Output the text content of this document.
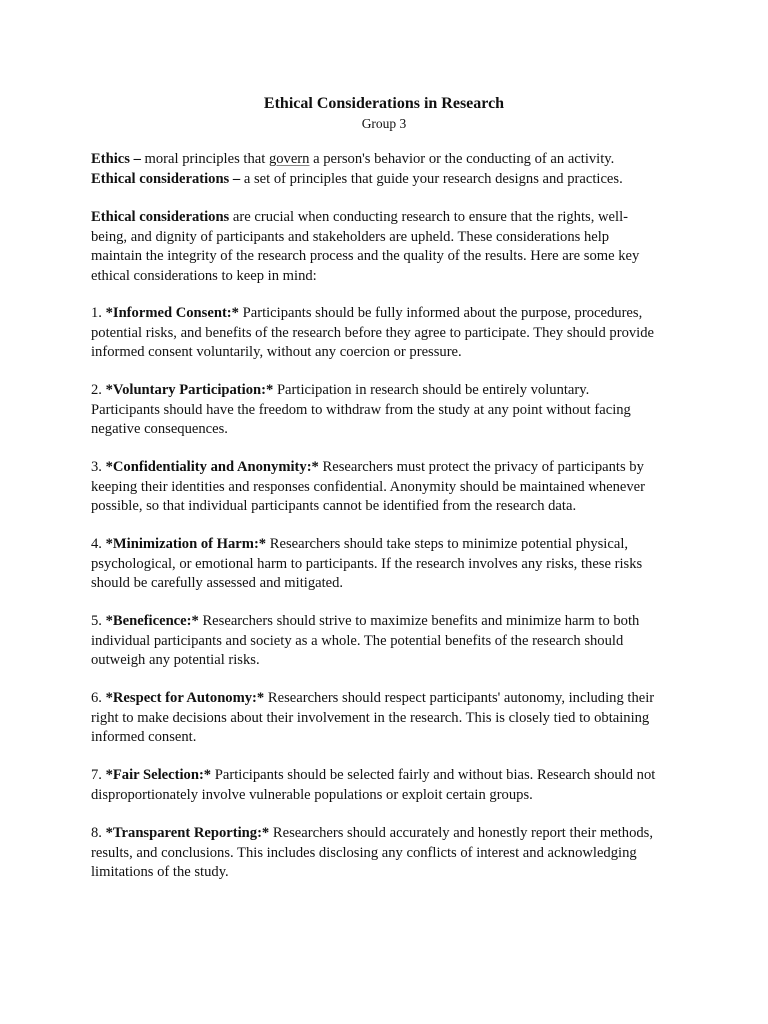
Ethical Considerations in Research
Group 3
Ethics – moral principles that govern a person's behavior or the conducting of an activity.
Ethical considerations – a set of principles that guide your research designs and practices.
Ethical considerations are crucial when conducting research to ensure that the rights, well-
being, and dignity of participants and stakeholders are upheld. These considerations help
maintain the integrity of the research process and the quality of the results. Here are some key
ethical considerations to keep in mind:
1. *Informed Consent:* Participants should be fully informed about the purpose, procedures,
potential risks, and benefits of the research before they agree to participate. They should provide
informed consent voluntarily, without any coercion or pressure.
2. *Voluntary Participation:* Participation in research should be entirely voluntary.
Participants should have the freedom to withdraw from the study at any point without facing
negative consequences.
3. *Confidentiality and Anonymity:* Researchers must protect the privacy of participants by
keeping their identities and responses confidential. Anonymity should be maintained whenever
possible, so that individual participants cannot be identified from the research data.
4. *Minimization of Harm:* Researchers should take steps to minimize potential physical,
psychological, or emotional harm to participants. If the research involves any risks, these risks
should be carefully assessed and mitigated.
5. *Beneficence:* Researchers should strive to maximize benefits and minimize harm to both
individual participants and society as a whole. The potential benefits of the research should
outweigh any potential risks.
6. *Respect for Autonomy:* Researchers should respect participants' autonomy, including their
right to make decisions about their involvement in the research. This is closely tied to obtaining
informed consent.
7. *Fair Selection:* Participants should be selected fairly and without bias. Research should not
disproportionately involve vulnerable populations or exploit certain groups.
8. *Transparent Reporting:* Researchers should accurately and honestly report their methods,
results, and conclusions. This includes disclosing any conflicts of interest and acknowledging
limitations of the study.
